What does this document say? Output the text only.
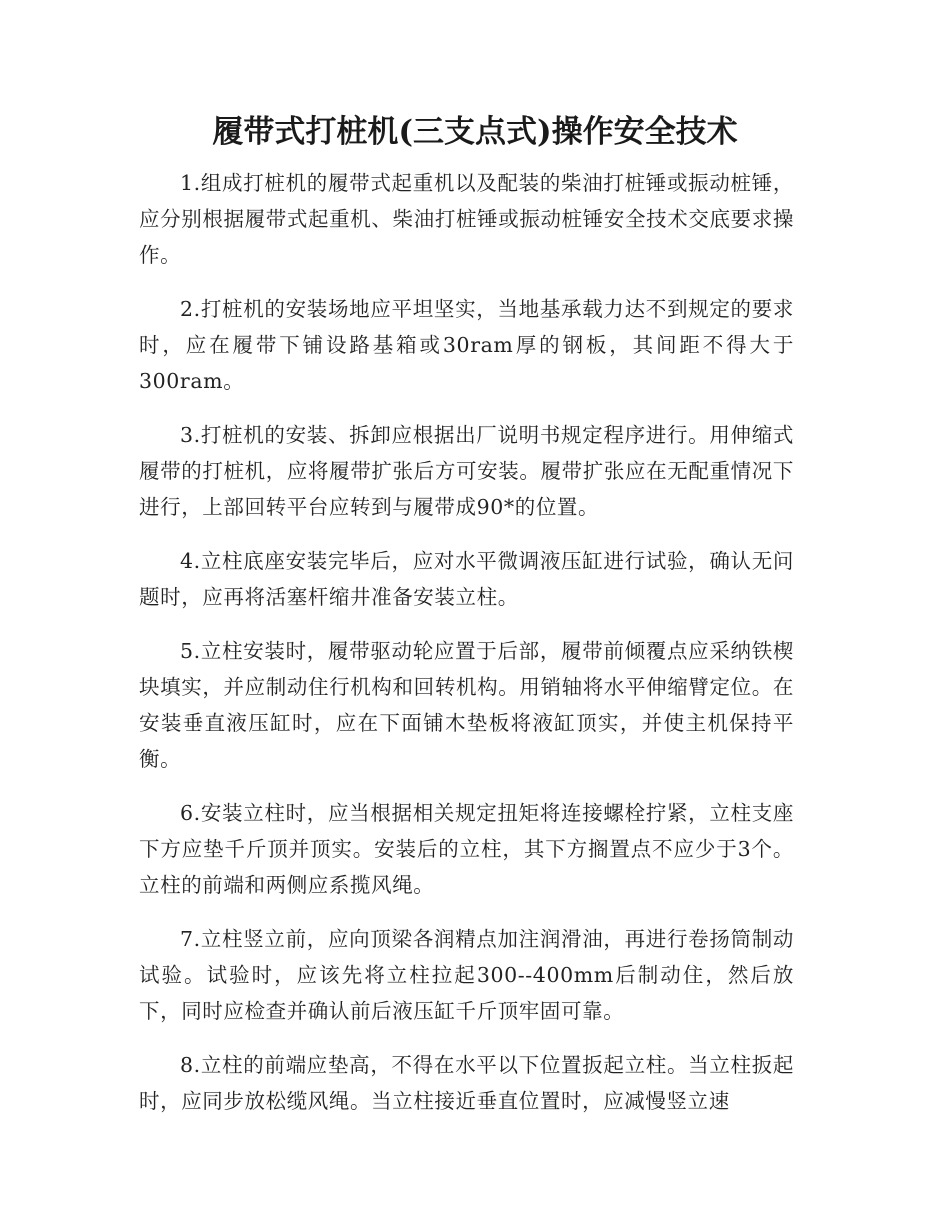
履带式打桩机(三支点式)操作安全技术

1.组成打桩机的履带式起重机以及配装的柴油打桩锤或振动桩锤，应分别根据履带式起重机、柴油打桩锤或振动桩锤安全技术交底要求操作。

2.打桩机的安装场地应平坦坚实，当地基承载力达不到规定的要求时，应在履带下铺设路基箱或30ram厚的钢板，其间距不得大于300ram。

3.打桩机的安装、拆卸应根据出厂说明书规定程序进行。用伸缩式履带的打桩机，应将履带扩张后方可安装。履带扩张应在无配重情况下进行，上部回转平台应转到与履带成90*的位置。

4.立柱底座安装完毕后，应对水平微调液压缸进行试验，确认无问题时，应再将活塞杆缩井准备安装立柱。

5.立柱安装时，履带驱动轮应置于后部，履带前倾覆点应采纳铁楔块填实，并应制动住行机构和回转机构。用销轴将水平伸缩臂定位。在安装垂直液压缸时，应在下面铺木垫板将液缸顶实，并使主机保持平衡。

6.安装立柱时，应当根据相关规定扭矩将连接螺栓拧紧，立柱支座下方应垫千斤顶并顶实。安装后的立柱，其下方搁置点不应少于3个。立柱的前端和两侧应系揽风绳。

7.立柱竖立前，应向顶梁各润精点加注润滑油，再进行卷扬筒制动试验。试验时，应该先将立柱拉起300--400mm后制动住，然后放下，同时应检查并确认前后液压缸千斤顶牢固可靠。

8.立柱的前端应垫高，不得在水平以下位置扳起立柱。当立柱扳起时，应同步放松缆风绳。当立柱接近垂直位置时，应减慢竖立速
